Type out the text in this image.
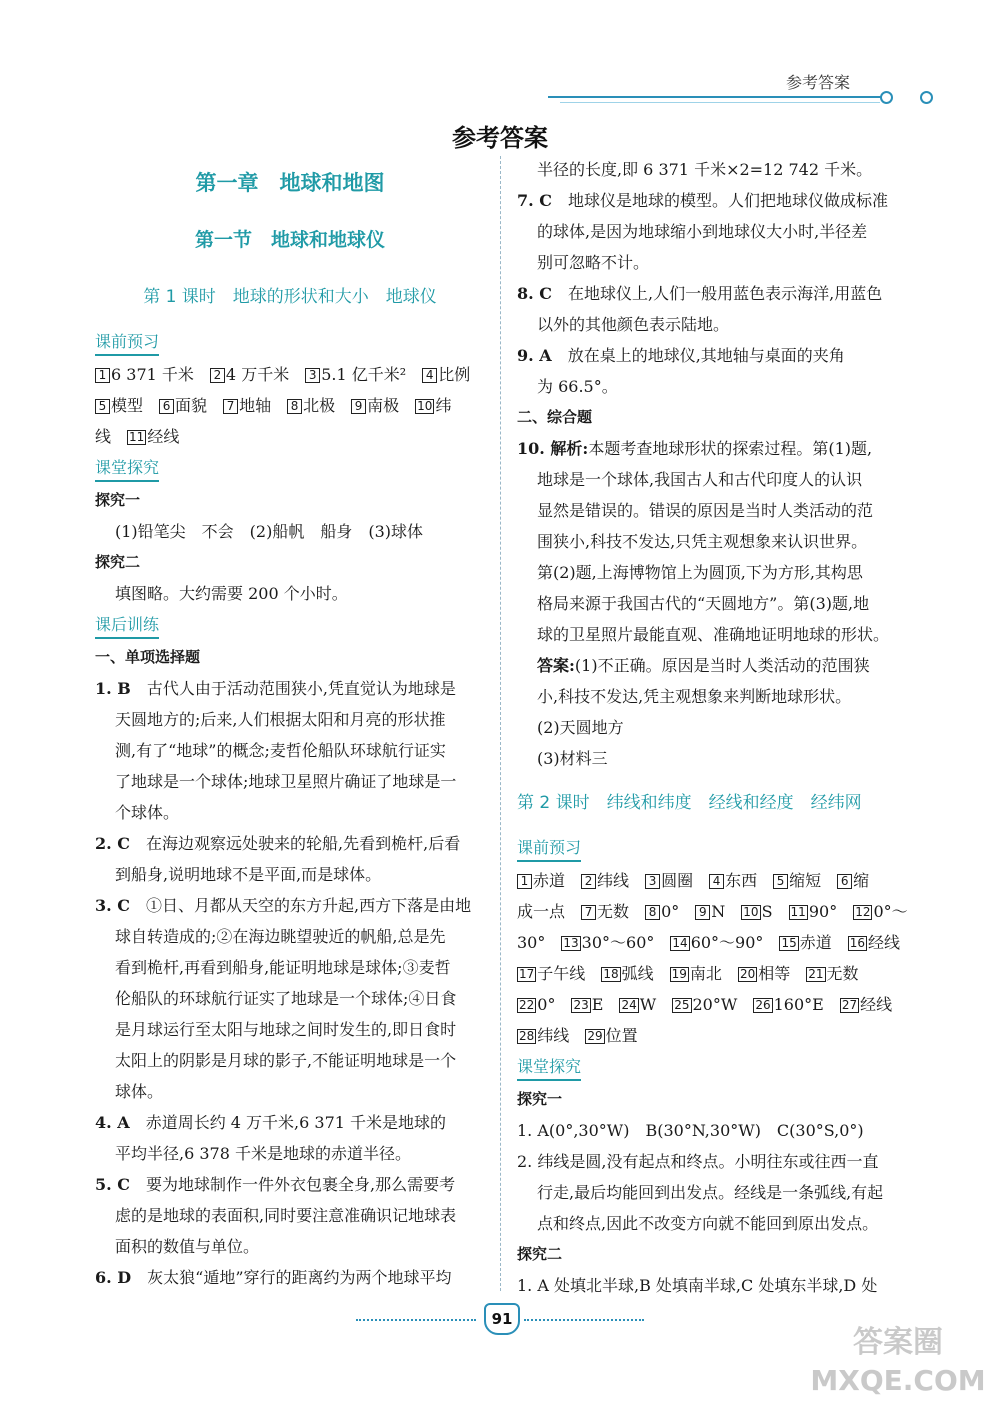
参考答案
参考答案
第一章　地球和地图
第一节　地球和地球仪
第 1 课时　地球的形状和大小　地球仪
课前预习
1 6 371 千米　 2 4 万千米　 3 5.1 亿千米²　 4 比例
5 模型　 6 面貌　 7 地轴　 8 北极　 9 南极　 10 纬
线　 11 经线
课堂探究
探究一
(1)铅笔尖　不会　(2)船帆　船身　(3)球体
探究二
填图略。大约需要 200 个小时。
课后训练
一、单项选择题
1. B　 古代人由于活动范围狭小,凭直觉认为地球是
天圆地方的;后来,人们根据太阳和月亮的形状推
测,有了“地球”的概念;麦哲伦船队环球航行证实
了地球是一个球体;地球卫星照片确证了地球是一
个球体。
2. C　 在海边观察远处驶来的轮船,先看到桅杆,后看
到船身,说明地球不是平面,而是球体。
3. C　 ①日、月都从天空的东方升起,西方下落是由地
球自转造成的;②在海边眺望驶近的帆船,总是先
看到桅杆,再看到船身,能证明地球是球体;③麦哲
伦船队的环球航行证实了地球是一个球体;④日食
是月球运行至太阳与地球之间时发生的,即日食时
太阳上的阴影是月球的影子,不能证明地球是一个
球体。
4. A　 赤道周长约 4 万千米,6 371 千米是地球的
平均半径,6 378 千米是地球的赤道半径。
5. C　 要为地球制作一件外衣包裹全身,那么需要考
虑的是地球的表面积,同时要注意准确识记地球表
面积的数值与单位。
6. D　 灰太狼“遁地”穿行的距离约为两个地球平均
半径的长度,即 6 371 千米×2=12 742 千米。
7. C　 地球仪是地球的模型。人们把地球仪做成标准
的球体,是因为地球缩小到地球仪大小时,半径差
别可忽略不计。
8. C　 在地球仪上,人们一般用蓝色表示海洋,用蓝色
以外的其他颜色表示陆地。
9. A　 放在桌上的地球仪,其地轴与桌面的夹角
为 66.5°。
二、综合题
10. 解析:本题考查地球形状的探索过程。第(1)题,
地球是一个球体,我国古人和古代印度人的认识
显然是错误的。错误的原因是当时人类活动的范
围狭小,科技不发达,只凭主观想象来认识世界。
第(2)题,上海博物馆上为圆顶,下为方形,其构思
格局来源于我国古代的“天圆地方”。第(3)题,地
球的卫星照片最能直观、准确地证明地球的形状。
答案:(1)不正确。原因是当时人类活动的范围狭
小,科技不发达,凭主观想象来判断地球形状。
(2)天圆地方
(3)材料三
第 2 课时　纬线和纬度　经线和经度　经纬网
课前预习
1 赤道　 2 纬线　 3 圆圈　 4 东西　 5 缩短　 6 缩
成一点　 7 无数　 8 0°　 9 N　 10 S　 11 90°　 12 0°～
30°　 13 30°～60°　 14 60°～90°　 15 赤道　 16 经线
17 子午线　 18 弧线　 19 南北　 20 相等　 21 无数
22 0°　 23 E　 24 W　 25 20°W　 26 160°E　 27 经线
28 纬线　 29 位置
课堂探究
探究一
1. A(0°,30°W)　B(30°N,30°W)　C(30°S,0°)
2. 纬线是圆,没有起点和终点。小明往东或往西一直
行走,最后均能回到出发点。经线是一条弧线,有起
点和终点,因此不改变方向就不能回到原出发点。
探究二
1. A 处填北半球,B 处填南半球,C 处填东半球,D 处
91
答案圈
MXQE.COM
